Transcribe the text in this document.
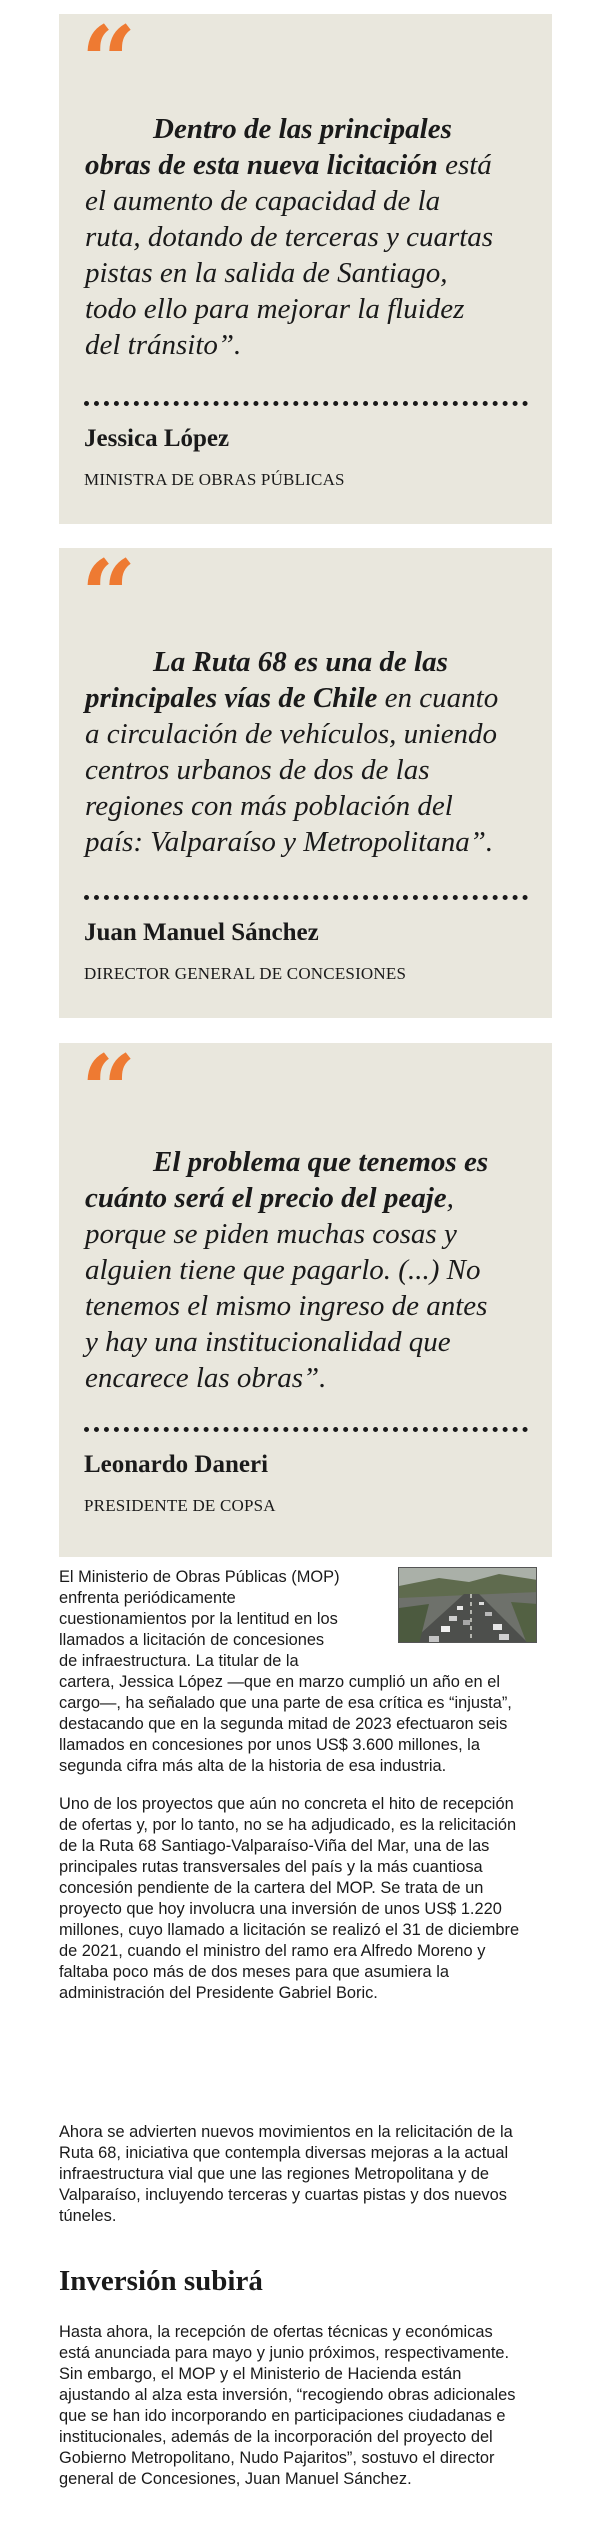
“
Dentro de las principales
obras de esta nueva licitación está
el aumento de capacidad de la
ruta, dotando de terceras y cuartas
pistas en la salida de Santiago,
todo ello para mejorar la fluidez
del tránsito”.
Jessica López
MINISTRA DE OBRAS PÚBLICAS
“
La Ruta 68 es una de las
principales vías de Chile en cuanto
a circulación de vehículos, uniendo
centros urbanos de dos de las
regiones con más población del
país: Valparaíso y Metropolitana”.
Juan Manuel Sánchez
DIRECTOR GENERAL DE CONCESIONES
“
El problema que tenemos es
cuánto será el precio del peaje,
porque se piden muchas cosas y
alguien tiene que pagarlo. (...) No
tenemos el mismo ingreso de antes
y hay una institucionalidad que
encarece las obras”.
Leonardo Daneri
PRESIDENTE DE COPSA
El Ministerio de Obras Públicas (MOP)
enfrenta periódicamente
cuestionamientos por la lentitud en los
llamados a licitación de concesiones
de infraestructura. La titular de la
cartera, Jessica López —que en marzo cumplió un año en el
cargo—, ha señalado que una parte de esa crítica es “injusta”,
destacando que en la segunda mitad de 2023 efectuaron seis
llamados en concesiones por unos US$ 3.600 millones, la
segunda cifra más alta de la historia de esa industria.
Uno de los proyectos que aún no concreta el hito de recepción
de ofertas y, por lo tanto, no se ha adjudicado, es la relicitación
de la Ruta 68 Santiago-Valparaíso-Viña del Mar, una de las
principales rutas transversales del país y la más cuantiosa
concesión pendiente de la cartera del MOP. Se trata de un
proyecto que hoy involucra una inversión de unos US$ 1.220
millones, cuyo llamado a licitación se realizó el 31 de diciembre
de 2021, cuando el ministro del ramo era Alfredo Moreno y
faltaba poco más de dos meses para que asumiera la
administración del Presidente Gabriel Boric.
Ahora se advierten nuevos movimientos en la relicitación de la
Ruta 68, iniciativa que contempla diversas mejoras a la actual
infraestructura vial que une las regiones Metropolitana y de
Valparaíso, incluyendo terceras y cuartas pistas y dos nuevos
túneles.
Inversión subirá
Hasta ahora, la recepción de ofertas técnicas y económicas
está anunciada para mayo y junio próximos, respectivamente.
Sin embargo, el MOP y el Ministerio de Hacienda están
ajustando al alza esta inversión, “recogiendo obras adicionales
que se han ido incorporando en participaciones ciudadanas e
institucionales, además de la incorporación del proyecto del
Gobierno Metropolitano, Nudo Pajaritos”, sostuvo el director
general de Concesiones, Juan Manuel Sánchez.
